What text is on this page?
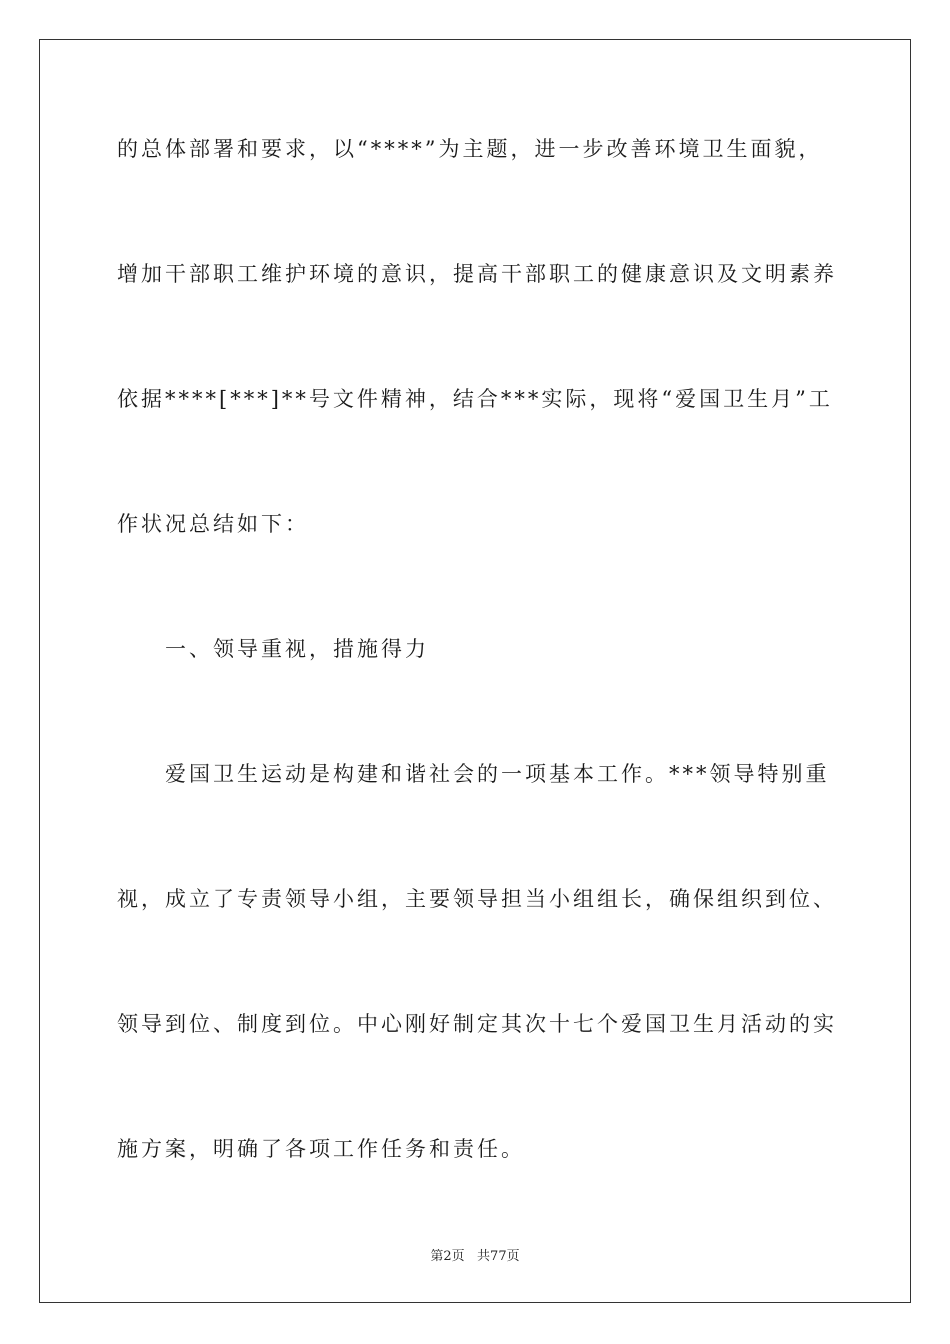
的总体部署和要求，以“****”为主题，进一步改善环境卫生面貌，
增加干部职工维护环境的意识，提高干部职工的健康意识及文明素养
依据****[***]**号文件精神，结合***实际，现将“爱国卫生月”工
作状况总结如下：
一、领导重视，措施得力
爱国卫生运动是构建和谐社会的一项基本工作。***领导特别重
视，成立了专责领导小组，主要领导担当小组组长，确保组织到位、
领导到位、制度到位。中心刚好制定其次十七个爱国卫生月活动的实
施方案，明确了各项工作任务和责任。
第2页   共77页
